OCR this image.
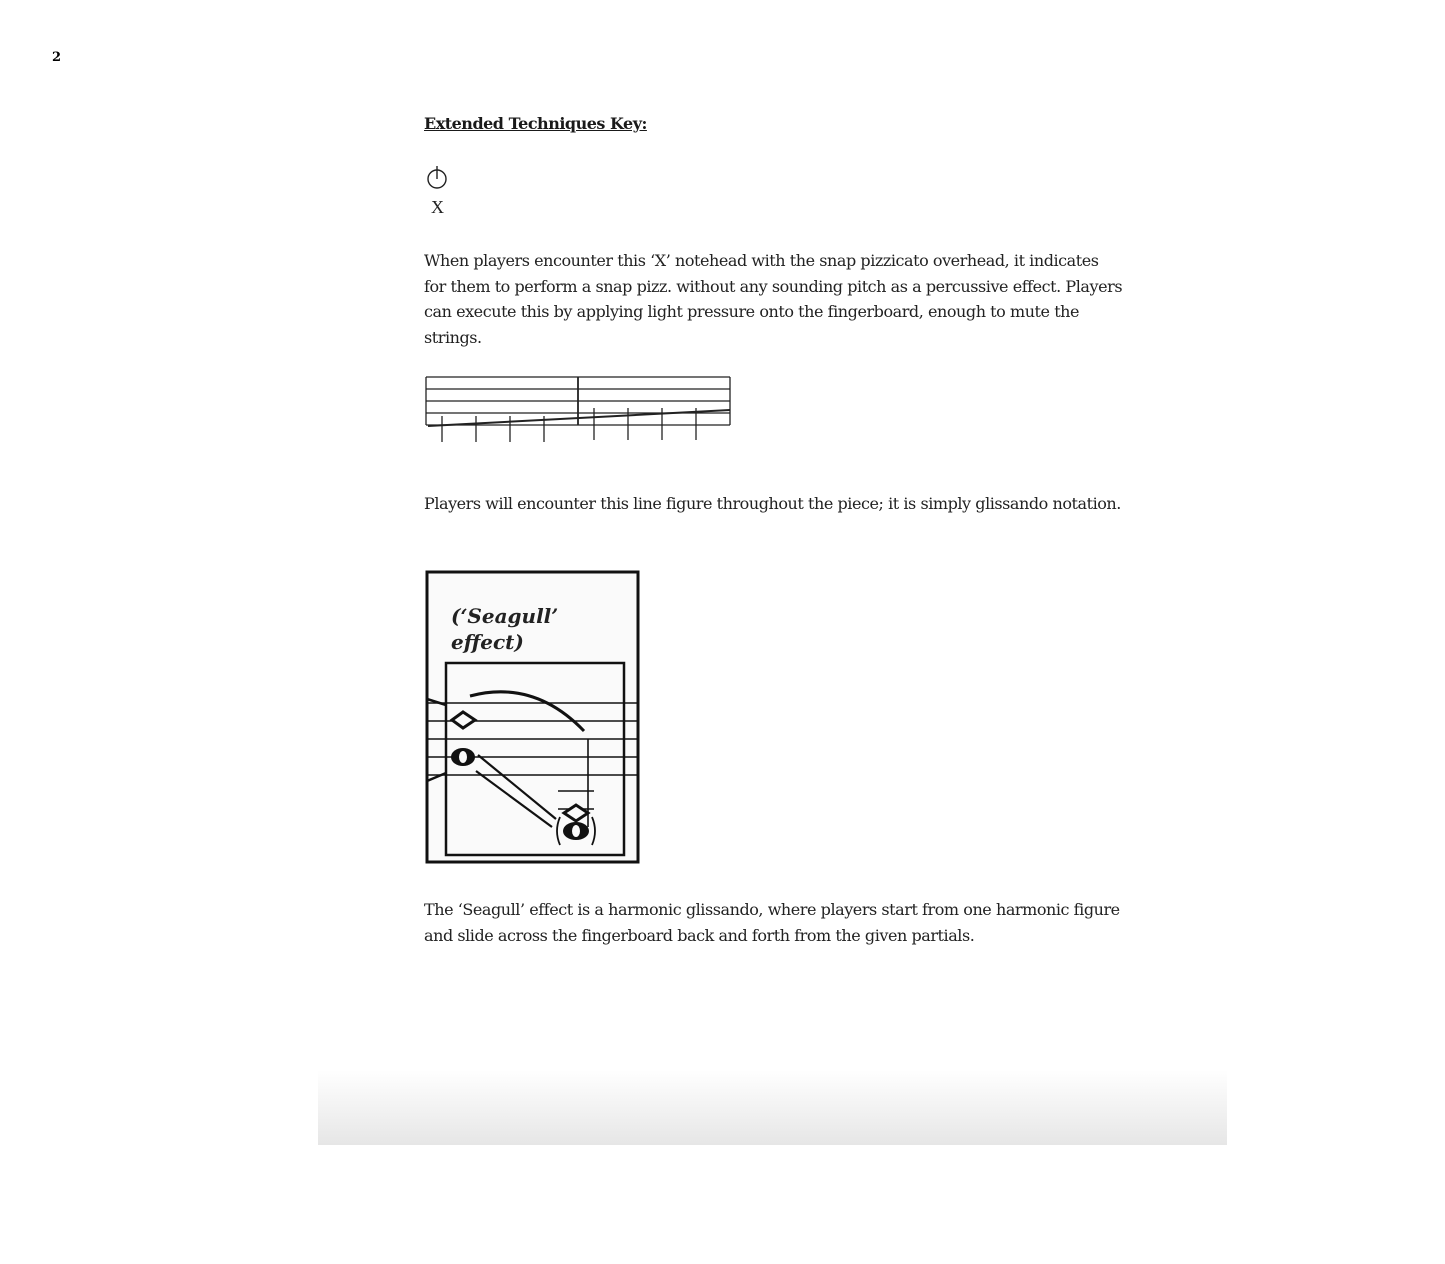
2
Extended Techniques Key:
X

When players encounter this ‘X’ notehead with the snap pizzicato overhead, it indicates for them to perform a snap pizz. without any sounding pitch as a percussive effect. Players can execute this by applying light pressure onto the fingerboard, enough to mute the strings.

Players will encounter this line figure throughout the piece; it is simply glissando notation.

(‘Seagull’
effect)

The ‘Seagull’ effect is a harmonic glissando, where players start from one harmonic figure and slide across the fingerboard back and forth from the given partials.
